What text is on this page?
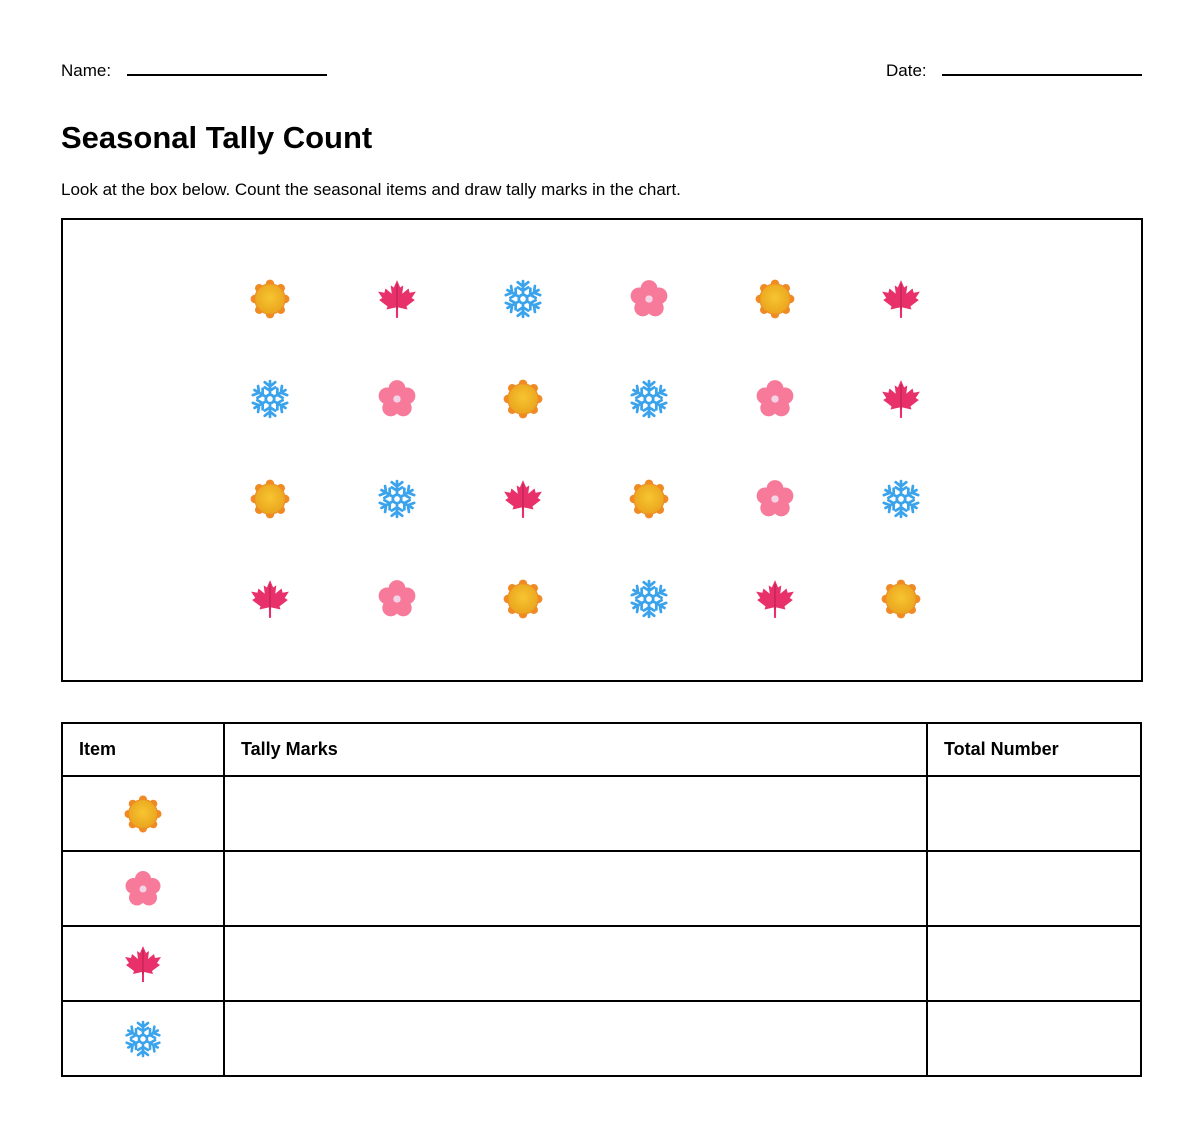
Name:	Date:
Seasonal Tally Count
Look at the box below. Count the seasonal items and draw tally marks in the chart.
Item	Tally Marks	Total Number
